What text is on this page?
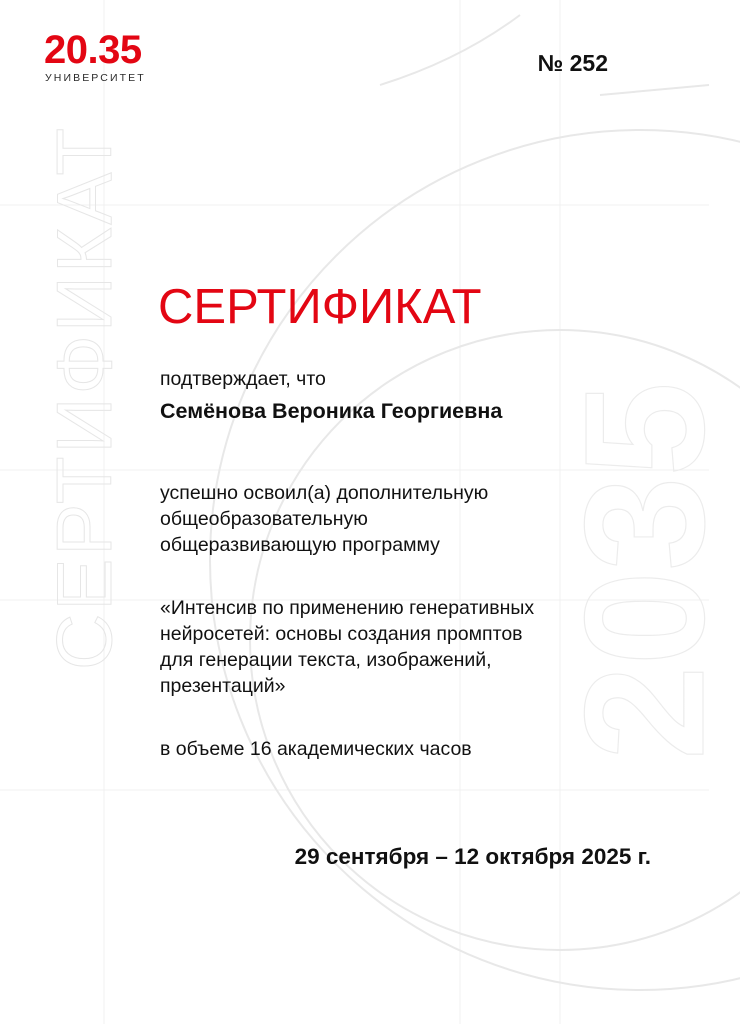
СЕРТИФИКАТ 2035
20.35
УНИВЕРСИТЕТ
№ 252
СЕРТИФИКАТ
подтверждает, что
Семёнова Вероника Георгиевна
успешно освоил(а) дополнительную
общеобразовательную
общеразвивающую программу
«Интенсив по применению генеративных
нейросетей: основы создания промптов
для генерации текста, изображений,
презентаций»
в объеме 16 академических часов
29 сентября – 12 октября 2025 г.
